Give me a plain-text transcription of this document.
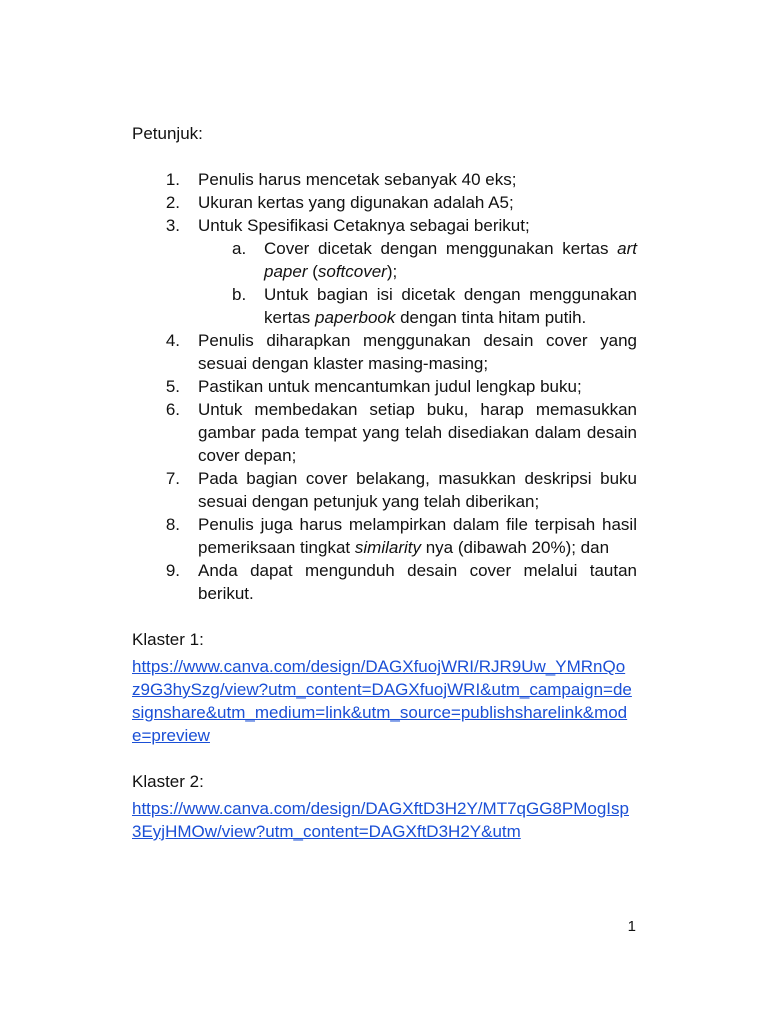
Petunjuk:
1. Penulis harus mencetak sebanyak 40 eks;
2. Ukuran kertas yang digunakan adalah A5;
3. Untuk Spesifikasi Cetaknya sebagai berikut;
a. Cover dicetak dengan menggunakan kertas art paper (softcover);
b. Untuk bagian isi dicetak dengan menggunakan kertas paperbook dengan tinta hitam putih.
4. Penulis diharapkan menggunakan desain cover yang sesuai dengan klaster masing-masing;
5. Pastikan untuk mencantumkan judul lengkap buku;
6. Untuk membedakan setiap buku, harap memasukkan gambar pada tempat yang telah disediakan dalam desain cover depan;
7. Pada bagian cover belakang, masukkan deskripsi buku sesuai dengan petunjuk yang telah diberikan;
8. Penulis juga harus melampirkan dalam file terpisah hasil pemeriksaan tingkat similarity nya (dibawah 20%); dan
9. Anda dapat mengunduh desain cover melalui tautan berikut.
Klaster 1:
https://www.canva.com/design/DAGXfuojWRI/RJR9Uw_YMRnQoz9G3hySzg/view?utm_content=DAGXfuojWRI&utm_campaign=designshare&utm_medium=link&utm_source=publishsharelink&mode=preview
Klaster 2:
https://www.canva.com/design/DAGXftD3H2Y/MT7qGG8PMogIsp3EyjHMOw/view?utm_content=DAGXftD3H2Y&utm
1
